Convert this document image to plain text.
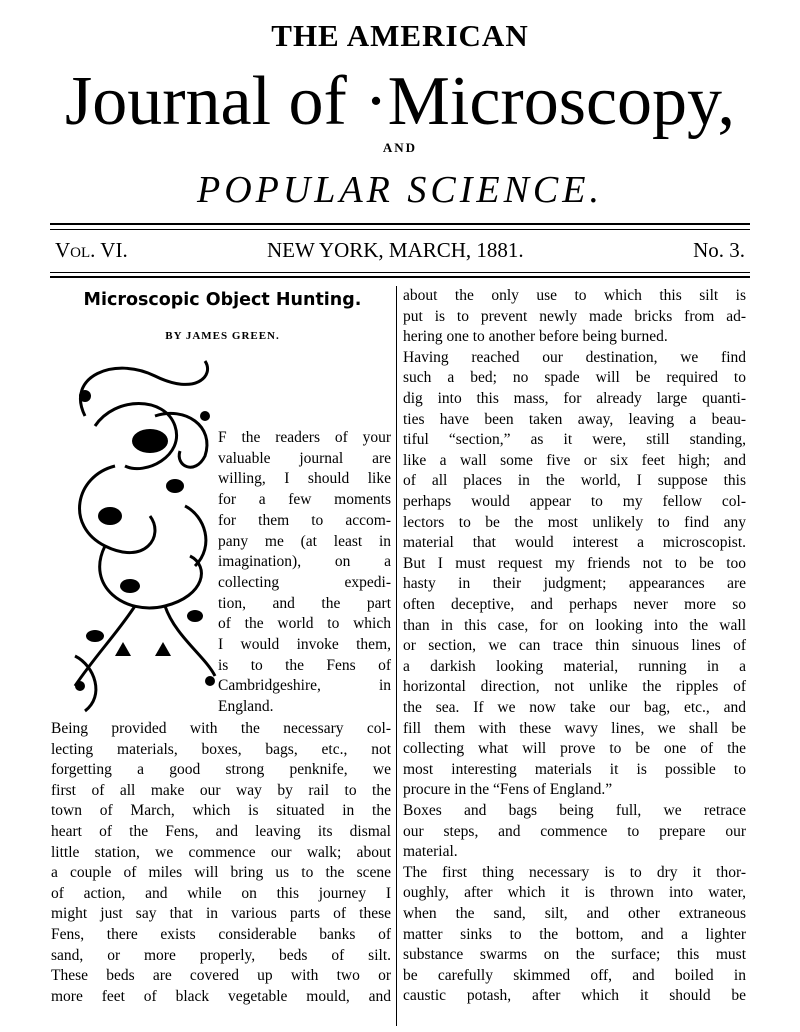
THE AMERICAN
Journal of ·Microscopy,
AND
POPULAR SCIENCE.
Vol. VI.	NEW YORK, MARCH, 1881.	No. 3.
Microscopic Object Hunting.
BY JAMES GREEN.
F the readers of your
valuable journal are
willing, I should like
for a few moments
for them to accom-
pany me (at least in
imagination), on a
collecting expedi-
tion, and the part
of the world to which
I would invoke them,
is to the Fens of
Cambridgeshire, in
England.
Being provided with the necessary col-
lecting materials, boxes, bags, etc., not
forgetting a good strong penknife, we
first of all make our way by rail to the
town of March, which is situated in the
heart of the Fens, and leaving its dismal
little station, we commence our walk; about
a couple of miles will bring us to the scene
of action, and while on this journey I
might just say that in various parts of these
Fens, there exists considerable banks of
sand, or more properly, beds of silt.
These beds are covered up with two or
more feet of black vegetable mould, and
about the only use to which this silt is
put is to prevent newly made bricks from ad-
hering one to another before being burned.
Having reached our destination, we find
such a bed; no spade will be required to
dig into this mass, for already large quanti-
ties have been taken away, leaving a beau-
tiful “section,” as it were, still standing,
like a wall some five or six feet high; and
of all places in the world, I suppose this
perhaps would appear to my fellow col-
lectors to be the most unlikely to find any
material that would interest a microscopist.
But I must request my friends not to be too
hasty in their judgment; appearances are
often deceptive, and perhaps never more so
than in this case, for on looking into the wall
or section, we can trace thin sinuous lines of
a darkish looking material, running in a
horizontal direction, not unlike the ripples of
the sea. If we now take our bag, etc., and
fill them with these wavy lines, we shall be
collecting what will prove to be one of the
most interesting materials it is possible to
procure in the “Fens of England.”
Boxes and bags being full, we retrace
our steps, and commence to prepare our
material.
The first thing necessary is to dry it thor-
oughly, after which it is thrown into water,
when the sand, silt, and other extraneous
matter sinks to the bottom, and a lighter
substance swarms on the surface; this must
be carefully skimmed off, and boiled in
caustic potash, after which it should be
